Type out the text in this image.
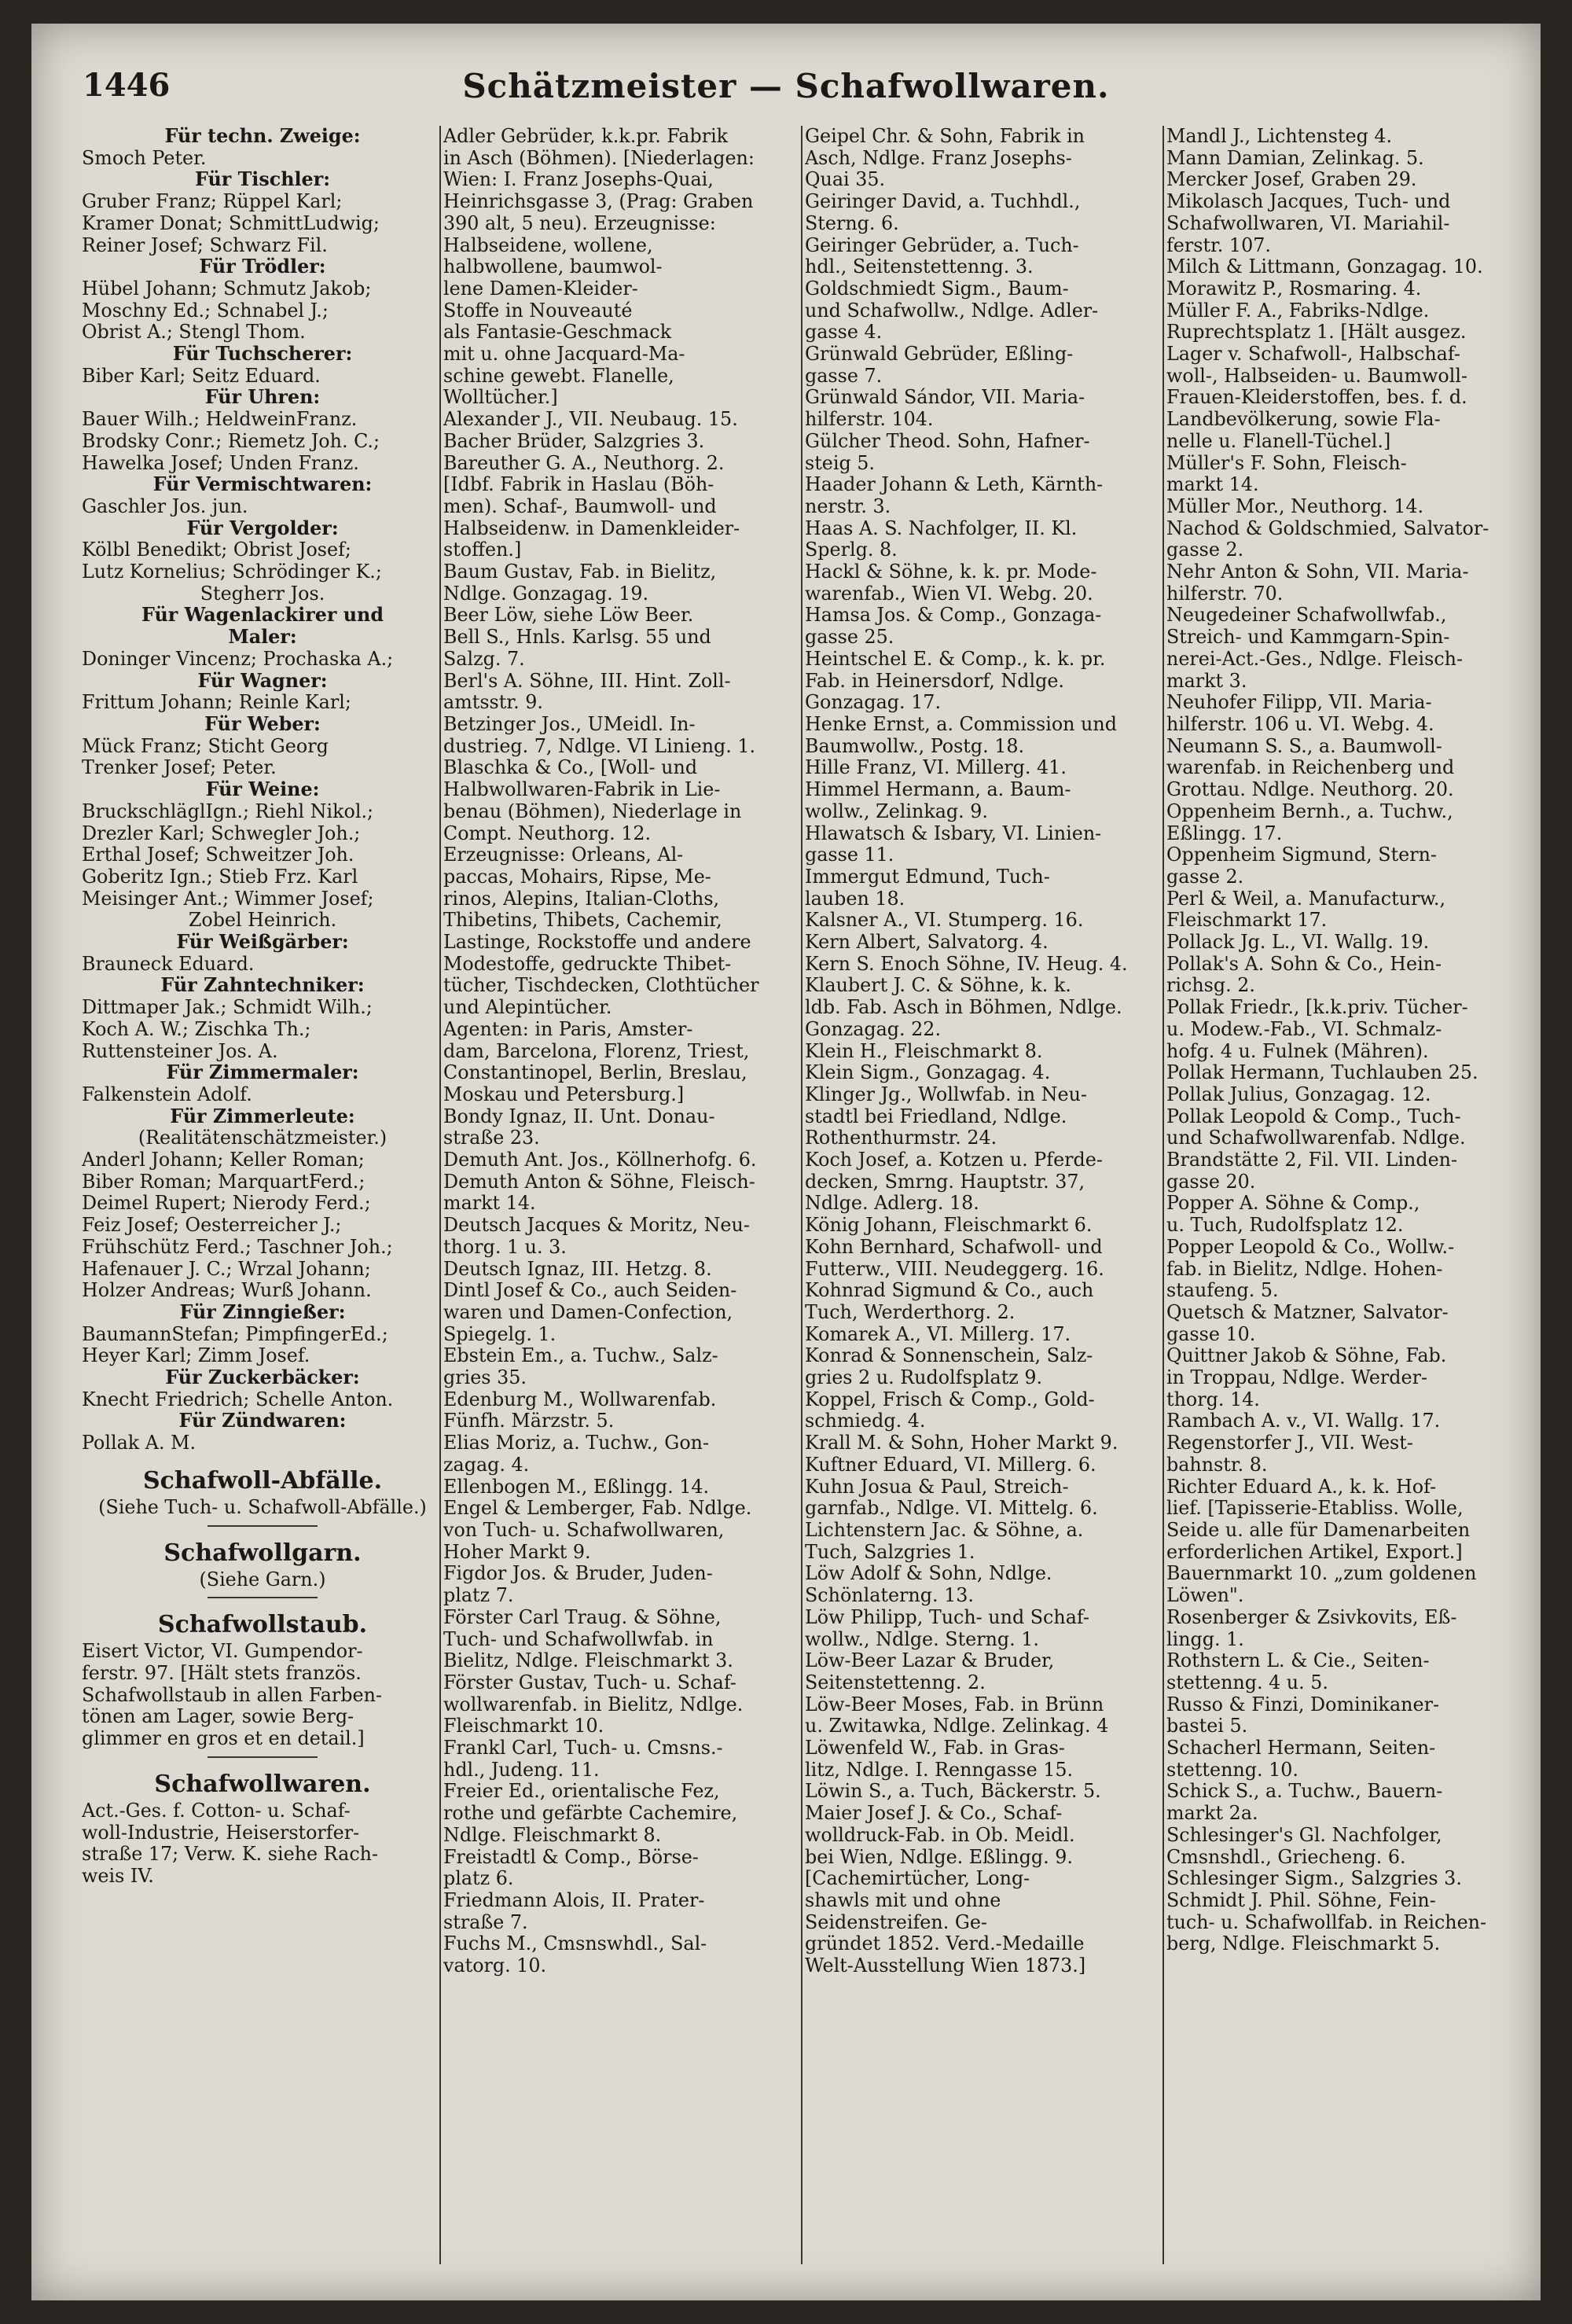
1446	Schätzmeister — Schafwollwaren.
Für techn. Zweige:
Smoch Peter.
Für Tischler:
Gruber Franz; Rüppel Karl;
Kramer Donat; SchmittLudwig;
Reiner Josef; Schwarz Fil.
Für Trödler:
Hübel Johann; Schmutz Jakob;
Moschny Ed.; Schnabel J.;
Obrist A.; Stengl Thom.
Für Tuchscherer:
Biber Karl; Seitz Eduard.
Für Uhren:
Bauer Wilh.; HeldweinFranz.
Brodsky Conr.; Riemetz Joh. C.;
Hawelka Josef; Unden Franz.
Für Vermischtwaren:
Gaschler Jos. jun.
Für Vergolder:
Kölbl Benedikt; Obrist Josef;
Lutz Kornelius; Schrödinger K.;
Stegherr Jos.
Für Wagenlackirer und
Maler:
Doninger Vincenz; Prochaska A.;
Für Wagner:
Frittum Johann; Reinle Karl;
Für Weber:
Mück Franz; Sticht Georg
Trenker Josef; Peter.
Für Weine:
BruckschläglIgn.; Riehl Nikol.;
Drezler Karl; Schwegler Joh.;
Erthal Josef; Schweitzer Joh.
Goberitz Ign.; Stieb Frz. Karl
Meisinger Ant.; Wimmer Josef;
Zobel Heinrich.
Für Weißgärber:
Brauneck Eduard.
Für Zahntechniker:
Dittmaper Jak.; Schmidt Wilh.;
Koch A. W.; Zischka Th.;
Ruttensteiner Jos. A.
Für Zimmermaler:
Falkenstein Adolf.
Für Zimmerleute:
(Realitätenschätzmeister.)
Anderl Johann; Keller Roman;
Biber Roman; MarquartFerd.;
Deimel Rupert; Nierody Ferd.;
Feiz Josef; Oesterreicher J.;
Frühschütz Ferd.; Taschner Joh.;
Hafenauer J. C.; Wrzal Johann;
Holzer Andreas; Wurß Johann.
Für Zinngießer:
BaumannStefan; PimpfingerEd.;
Heyer Karl; Zimm Josef.
Für Zuckerbäcker:
Knecht Friedrich; Schelle Anton.
Für Zündwaren:
Pollak A. M.
Schafwoll-Abfälle.
(Siehe Tuch- u. Schafwoll-Abfälle.)
Schafwollgarn.
(Siehe Garn.)
Schafwollstaub.
Eisert Victor, VI. Gumpendor-
ferstr. 97. [Hält stets französ.
Schafwollstaub in allen Farben-
tönen am Lager, sowie Berg-
glimmer en gros et en detail.]
Schafwollwaren.
Act.-Ges. f. Cotton- u. Schaf-
woll-Industrie, Heiserstorfer-
straße 17; Verw. K. siehe Rach-
weis IV.
Adler Gebrüder, k.k.pr. Fabrik
in Asch (Böhmen). [Niederlagen:
Wien: I. Franz Josephs-Quai,
Heinrichsgasse 3, (Prag: Graben
390 alt, 5 neu). Erzeugnisse:
Halbseidene, wollene,
halbwollene, baumwol-
lene Damen-Kleider-
Stoffe in Nouveauté
als Fantasie-Geschmack
mit u. ohne Jacquard-Ma-
schine gewebt. Flanelle,
Wolltücher.]
Alexander J., VII. Neubaug. 15.
Bacher Brüder, Salzgries 3.
Bareuther G. A., Neuthorg. 2.
[Idbf. Fabrik in Haslau (Böh-
men). Schaf-, Baumwoll- und
Halbseidenw. in Damenkleider-
stoffen.]
Baum Gustav, Fab. in Bielitz,
Ndlge. Gonzagag. 19.
Beer Löw, siehe Löw Beer.
Bell S., Hnls. Karlsg. 55 und
Salzg. 7.
Berl's A. Söhne, III. Hint. Zoll-
amtsstr. 9.
Betzinger Jos., UMeidl. In-
dustrieg. 7, Ndlge. VI Linieng. 1.
Blaschka & Co., [Woll- und
Halbwollwaren-Fabrik in Lie-
benau (Böhmen), Niederlage in
Compt. Neuthorg. 12.
Erzeugnisse: Orleans, Al-
paccas, Mohairs, Ripse, Me-
rinos, Alepins, Italian-Cloths,
Thibetins, Thibets, Cachemir,
Lastinge, Rockstoffe und andere
Modestoffe, gedruckte Thibet-
tücher, Tischdecken, Clothtücher
und Alepintücher.
Agenten: in Paris, Amster-
dam, Barcelona, Florenz, Triest,
Constantinopel, Berlin, Breslau,
Moskau und Petersburg.]
Bondy Ignaz, II. Unt. Donau-
straße 23.
Demuth Ant. Jos., Köllnerhofg. 6.
Demuth Anton & Söhne, Fleisch-
markt 14.
Deutsch Jacques & Moritz, Neu-
thorg. 1 u. 3.
Deutsch Ignaz, III. Hetzg. 8.
Dintl Josef & Co., auch Seiden-
waren und Damen-Confection,
Spiegelg. 1.
Ebstein Em., a. Tuchw., Salz-
gries 35.
Edenburg M., Wollwarenfab.
Fünfh. Märzstr. 5.
Elias Moriz, a. Tuchw., Gon-
zagag. 4.
Ellenbogen M., Eßlingg. 14.
Engel & Lemberger, Fab. Ndlge.
von Tuch- u. Schafwollwaren,
Hoher Markt 9.
Figdor Jos. & Bruder, Juden-
platz 7.
Förster Carl Traug. & Söhne,
Tuch- und Schafwollwfab. in
Bielitz, Ndlge. Fleischmarkt 3.
Förster Gustav, Tuch- u. Schaf-
wollwarenfab. in Bielitz, Ndlge.
Fleischmarkt 10.
Frankl Carl, Tuch- u. Cmsns.-
hdl., Judeng. 11.
Freier Ed., orientalische Fez,
rothe und gefärbte Cachemire,
Ndlge. Fleischmarkt 8.
Freistadtl & Comp., Börse-
platz 6.
Friedmann Alois, II. Prater-
straße 7.
Fuchs M., Cmsnswhdl., Sal-
vatorg. 10.
Geipel Chr. & Sohn, Fabrik in
Asch, Ndlge. Franz Josephs-
Quai 35.
Geiringer David, a. Tuchhdl.,
Sterng. 6.
Geiringer Gebrüder, a. Tuch-
hdl., Seitenstettenng. 3.
Goldschmiedt Sigm., Baum-
und Schafwollw., Ndlge. Adler-
gasse 4.
Grünwald Gebrüder, Eßling-
gasse 7.
Grünwald Sándor, VII. Maria-
hilferstr. 104.
Gülcher Theod. Sohn, Hafner-
steig 5.
Haader Johann & Leth, Kärnth-
nerstr. 3.
Haas A. S. Nachfolger, II. Kl.
Sperlg. 8.
Hackl & Söhne, k. k. pr. Mode-
warenfab., Wien VI. Webg. 20.
Hamsa Jos. & Comp., Gonzaga-
gasse 25.
Heintschel E. & Comp., k. k. pr.
Fab. in Heinersdorf, Ndlge.
Gonzagag. 17.
Henke Ernst, a. Commission und
Baumwollw., Postg. 18.
Hille Franz, VI. Millerg. 41.
Himmel Hermann, a. Baum-
wollw., Zelinkag. 9.
Hlawatsch & Isbary, VI. Linien-
gasse 11.
Immergut Edmund, Tuch-
lauben 18.
Kalsner A., VI. Stumperg. 16.
Kern Albert, Salvatorg. 4.
Kern S. Enoch Söhne, IV. Heug. 4.
Klaubert J. C. & Söhne, k. k.
ldb. Fab. Asch in Böhmen, Ndlge.
Gonzagag. 22.
Klein H., Fleischmarkt 8.
Klein Sigm., Gonzagag. 4.
Klinger Jg., Wollwfab. in Neu-
stadtl bei Friedland, Ndlge.
Rothenthurmstr. 24.
Koch Josef, a. Kotzen u. Pferde-
decken, Smrng. Hauptstr. 37,
Ndlge. Adlerg. 18.
König Johann, Fleischmarkt 6.
Kohn Bernhard, Schafwoll- und
Futterw., VIII. Neudeggerg. 16.
Kohnrad Sigmund & Co., auch
Tuch, Werderthorg. 2.
Komarek A., VI. Millerg. 17.
Konrad & Sonnenschein, Salz-
gries 2 u. Rudolfsplatz 9.
Koppel, Frisch & Comp., Gold-
schmiedg. 4.
Krall M. & Sohn, Hoher Markt 9.
Kuftner Eduard, VI. Millerg. 6.
Kuhn Josua & Paul, Streich-
garnfab., Ndlge. VI. Mittelg. 6.
Lichtenstern Jac. & Söhne, a.
Tuch, Salzgries 1.
Löw Adolf & Sohn, Ndlge.
Schönlaterng. 13.
Löw Philipp, Tuch- und Schaf-
wollw., Ndlge. Sterng. 1.
Löw-Beer Lazar & Bruder,
Seitenstettenng. 2.
Löw-Beer Moses, Fab. in Brünn
u. Zwitawka, Ndlge. Zelinkag. 4
Löwenfeld W., Fab. in Gras-
litz, Ndlge. I. Renngasse 15.
Löwin S., a. Tuch, Bäckerstr. 5.
Maier Josef J. & Co., Schaf-
wolldruck-Fab. in Ob. Meidl.
bei Wien, Ndlge. Eßlingg. 9.
[Cachemirtücher, Long-
shawls mit und ohne
Seidenstreifen. Ge-
gründet 1852. Verd.-Medaille
Welt-Ausstellung Wien 1873.]
Mandl J., Lichtensteg 4.
Mann Damian, Zelinkag. 5.
Mercker Josef, Graben 29.
Mikolasch Jacques, Tuch- und
Schafwollwaren, VI. Mariahil-
ferstr. 107.
Milch & Littmann, Gonzagag. 10.
Morawitz P., Rosmaring. 4.
Müller F. A., Fabriks-Ndlge.
Ruprechtsplatz 1. [Hält ausgez.
Lager v. Schafwoll-, Halbschaf-
woll-, Halbseiden- u. Baumwoll-
Frauen-Kleiderstoffen, bes. f. d.
Landbevölkerung, sowie Fla-
nelle u. Flanell-Tüchel.]
Müller's F. Sohn, Fleisch-
markt 14.
Müller Mor., Neuthorg. 14.
Nachod & Goldschmied, Salvator-
gasse 2.
Nehr Anton & Sohn, VII. Maria-
hilferstr. 70.
Neugedeiner Schafwollwfab.,
Streich- und Kammgarn-Spin-
nerei-Act.-Ges., Ndlge. Fleisch-
markt 3.
Neuhofer Filipp, VII. Maria-
hilferstr. 106 u. VI. Webg. 4.
Neumann S. S., a. Baumwoll-
warenfab. in Reichenberg und
Grottau. Ndlge. Neuthorg. 20.
Oppenheim Bernh., a. Tuchw.,
Eßlingg. 17.
Oppenheim Sigmund, Stern-
gasse 2.
Perl & Weil, a. Manufacturw.,
Fleischmarkt 17.
Pollack Jg. L., VI. Wallg. 19.
Pollak's A. Sohn & Co., Hein-
richsg. 2.
Pollak Friedr., [k.k.priv. Tücher-
u. Modew.-Fab., VI. Schmalz-
hofg. 4 u. Fulnek (Mähren).
Pollak Hermann, Tuchlauben 25.
Pollak Julius, Gonzagag. 12.
Pollak Leopold & Comp., Tuch-
und Schafwollwarenfab. Ndlge.
Brandstätte 2, Fil. VII. Linden-
gasse 20.
Popper A. Söhne & Comp.,
u. Tuch, Rudolfsplatz 12.
Popper Leopold & Co., Wollw.-
fab. in Bielitz, Ndlge. Hohen-
staufeng. 5.
Quetsch & Matzner, Salvator-
gasse 10.
Quittner Jakob & Söhne, Fab.
in Troppau, Ndlge. Werder-
thorg. 14.
Rambach A. v., VI. Wallg. 17.
Regenstorfer J., VII. West-
bahnstr. 8.
Richter Eduard A., k. k. Hof-
lief. [Tapisserie-Etabliss. Wolle,
Seide u. alle für Damenarbeiten
erforderlichen Artikel, Export.]
Bauernmarkt 10. „zum goldenen
Löwen".
Rosenberger & Zsivkovits, Eß-
lingg. 1.
Rothstern L. & Cie., Seiten-
stettenng. 4 u. 5.
Russo & Finzi, Dominikaner-
bastei 5.
Schacherl Hermann, Seiten-
stettenng. 10.
Schick S., a. Tuchw., Bauern-
markt 2a.
Schlesinger's Gl. Nachfolger,
Cmsnshdl., Griecheng. 6.
Schlesinger Sigm., Salzgries 3.
Schmidt J. Phil. Söhne, Fein-
tuch- u. Schafwollfab. in Reichen-
berg, Ndlge. Fleischmarkt 5.
